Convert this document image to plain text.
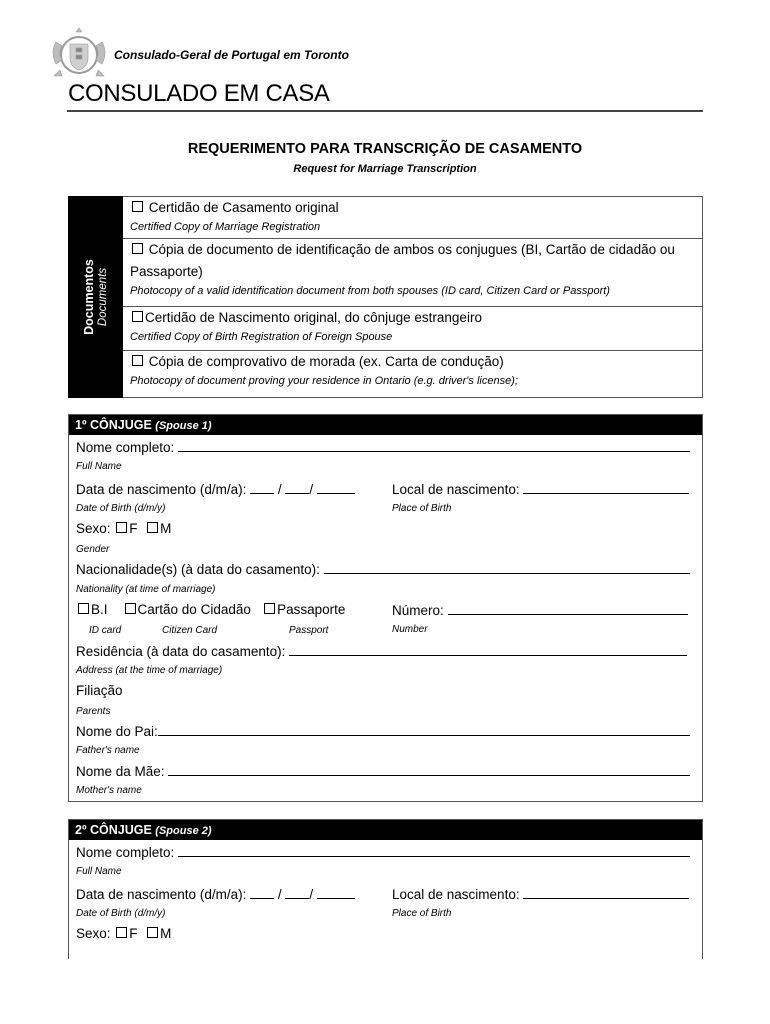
Consulado-Geral de Portugal em Toronto
CONSULADO EM CASA
REQUERIMENTO PARA TRANSCRIÇÃO DE CASAMENTO
Request for Marriage Transcription
Documentos Documents
Certidão de Casamento original
Certified Copy of Marriage Registration
Cópia de documento de identificação de ambos os conjugues (BI, Cartão de cidadão ou Passaporte)
Photocopy of a valid identification document from both spouses (ID card, Citizen Card or Passport)
Certidão de Nascimento original, do cônjuge estrangeiro
Certified Copy of Birth Registration of Foreign Spouse
Cópia de comprovativo de morada (ex. Carta de condução)
Photocopy of document proving your residence in Ontario (e.g. driver's license);
1º CÔNJUGE (Spouse 1)
Nome completo:
Full Name
Data de nascimento (d/m/a): / /
Date of Birth (d/m/y)
Local de nascimento:
Place of Birth
Sexo: F M
Gender
Nacionalidade(s) (à data do casamento):
Nationality (at time of marriage)
B.I Cartão do Cidadão Passaporte
ID card	Citizen Card	Passport
Número:
Number
Residência (à data do casamento):
Address (at the time of marriage)
Filiação
Parents
Nome do Pai:
Father's name
Nome da Mãe:
Mother's name
2º CÔNJUGE (Spouse 2)
Nome completo:
Full Name
Data de nascimento (d/m/a): / /
Date of Birth (d/m/y)
Local de nascimento:
Place of Birth
Sexo: F M
